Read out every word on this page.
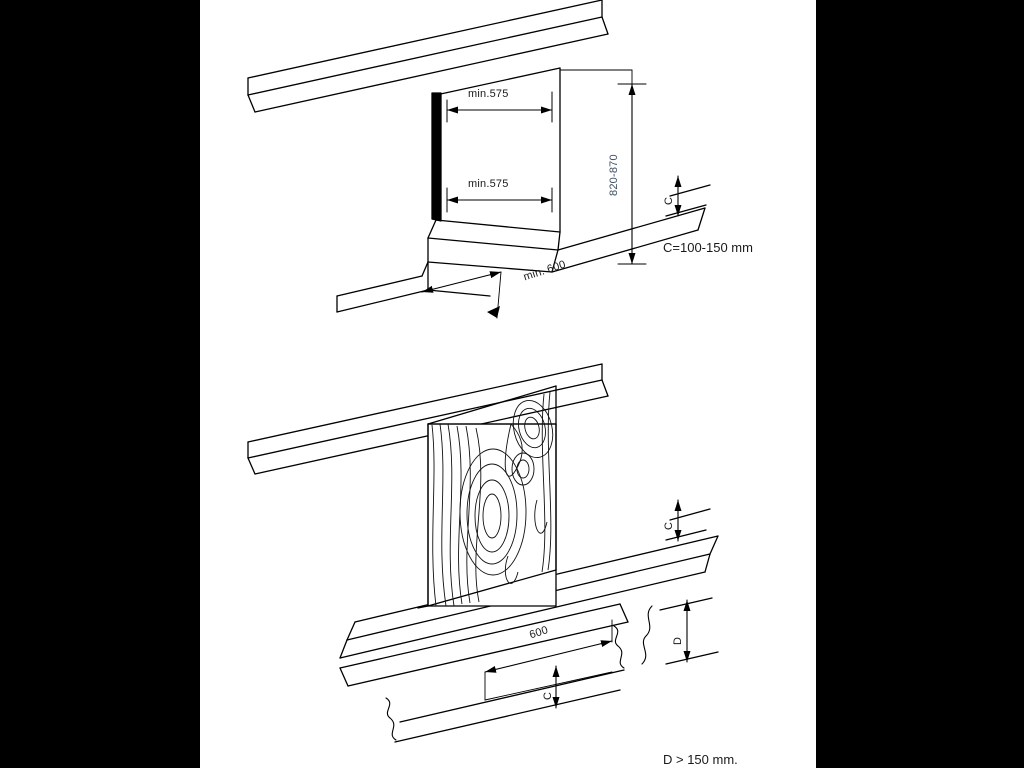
min.575
min.575	820-870
min. 600
C
C=100-150 mm
C
600
C
D
D > 150 mm.
